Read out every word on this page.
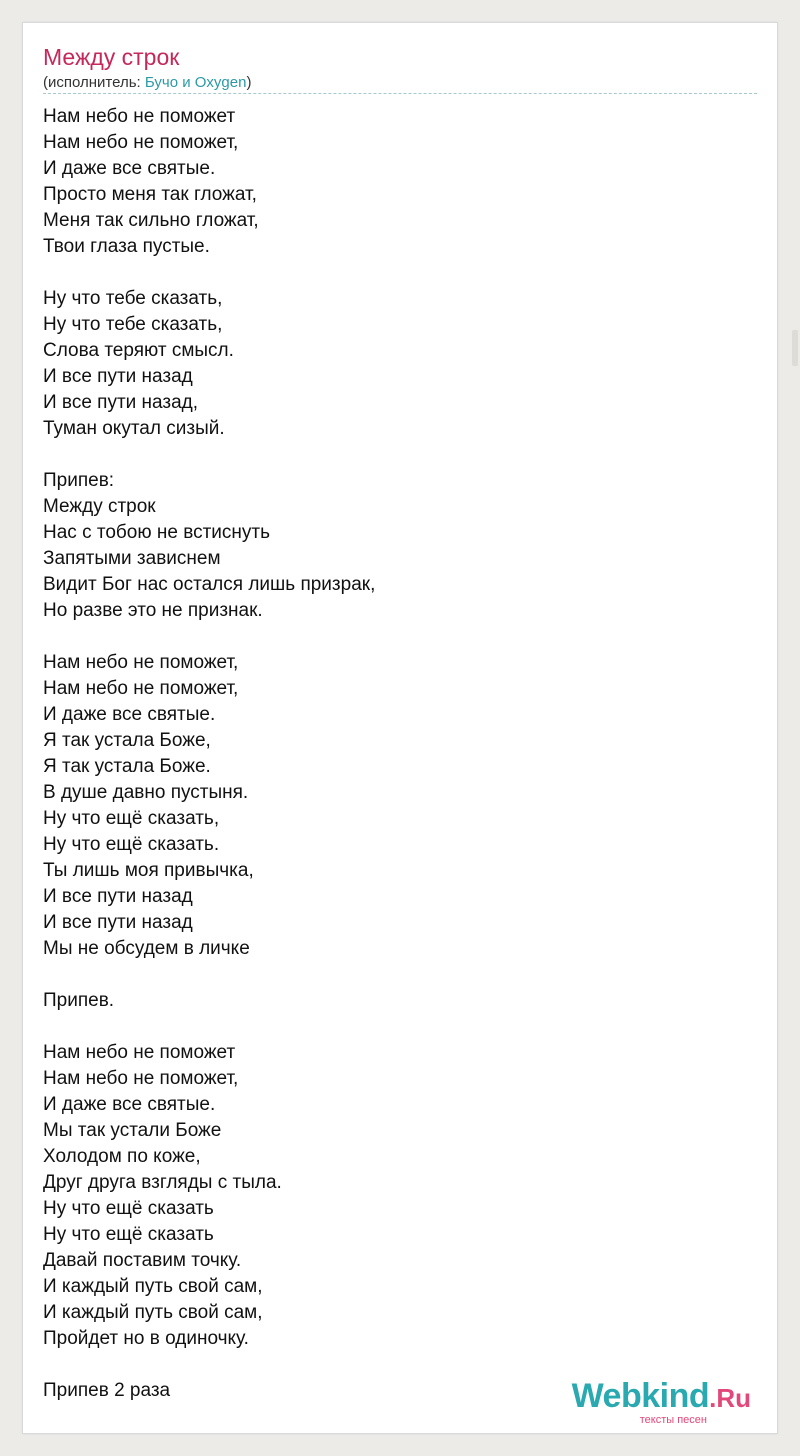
Между строк
(исполнитель: Бучо и Oxygen)
Нам небо не поможет
Нам небо не поможет,
И даже все святые.
Просто меня так гложат,
Меня так сильно гложат,
Твои глаза пустые.
Ну что тебе сказать,
Ну что тебе сказать,
Слова теряют смысл.
И все пути назад
И все пути назад,
Туман окутал сизый.
Припев:
Между строк
Нас с тобою не встиснуть
Запятыми зависнем
Видит Бог нас остался лишь призрак,
Но разве это не признак.
Нам небо не поможет,
Нам небо не поможет,
И даже все святые.
Я так устала Боже,
Я так устала Боже.
В душе давно пустыня.
Ну что ещё сказать,
Ну что ещё сказать.
Ты лишь моя привычка,
И все пути назад
И все пути назад
Мы не обсудем в личке
Припев.
Нам небо не поможет
Нам небо не поможет,
И даже все святые.
Мы так устали Боже
Холодом по коже,
Друг друга взгляды с тыла.
Ну что ещё сказать
Ну что ещё сказать
Давай поставим точку.
И каждый путь свой сам,
И каждый путь свой сам,
Пройдет но в одиночку.
Припев 2 раза	Webkind.Ru
тексты песен
